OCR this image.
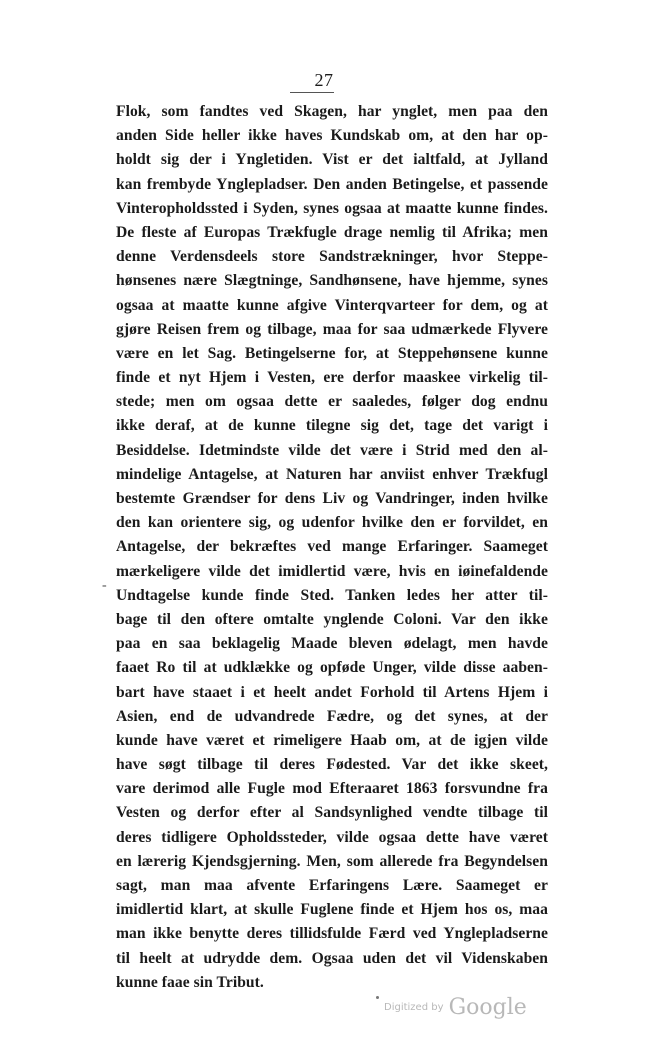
27
Flok, som fandtes ved Skagen, har ynglet, men paa den
anden Side heller ikke haves Kundskab om, at den har op-
holdt sig der i Yngletiden. Vist er det ialtfald, at Jylland
kan frembyde Ynglepladser. Den anden Betingelse, et passende
Vinteropholdssted i Syden, synes ogsaa at maatte kunne findes.
De fleste af Europas Trækfugle drage nemlig til Afrika; men
denne Verdensdeels store Sandstrækninger, hvor Steppe-
hønsenes nære Slægtninge, Sandhønsene, have hjemme, synes
ogsaa at maatte kunne afgive Vinterqvarteer for dem, og at
gjøre Reisen frem og tilbage, maa for saa udmærkede Flyvere
være en let Sag. Betingelserne for, at Steppehønsene kunne
finde et nyt Hjem i Vesten, ere derfor maaskee virkelig til-
stede; men om ogsaa dette er saaledes, følger dog endnu
ikke deraf, at de kunne tilegne sig det, tage det varigt i
Besiddelse. Idetmindste vilde det være i Strid med den al-
mindelige Antagelse, at Naturen har anviist enhver Trækfugl
bestemte Grændser for dens Liv og Vandringer, inden hvilke
den kan orientere sig, og udenfor hvilke den er forvildet, en
Antagelse, der bekræftes ved mange Erfaringer. Saameget
mærkeligere vilde det imidlertid være, hvis en iøinefaldende
Undtagelse kunde finde Sted. Tanken ledes her atter til-
bage til den oftere omtalte ynglende Coloni. Var den ikke
paa en saa beklagelig Maade bleven ødelagt, men havde
faaet Ro til at udklække og opføde Unger, vilde disse aaben-
bart have staaet i et heelt andet Forhold til Artens Hjem i
Asien, end de udvandrede Fædre, og det synes, at der
kunde have været et rimeligere Haab om, at de igjen vilde
have søgt tilbage til deres Fødested. Var det ikke skeet,
vare derimod alle Fugle mod Efteraaret 1863 forsvundne fra
Vesten og derfor efter al Sandsynlighed vendte tilbage til
deres tidligere Opholdssteder, vilde ogsaa dette have været
en lærerig Kjendsgjerning. Men, som allerede fra Begyndelsen
sagt, man maa afvente Erfaringens Lære. Saameget er
imidlertid klart, at skulle Fuglene finde et Hjem hos os, maa
man ikke benytte deres tillidsfulde Færd ved Ynglepladserne
til heelt at udrydde dem. Ogsaa uden det vil Videnskaben
kunne faae sin Tribut.
-
Digitized by Google
